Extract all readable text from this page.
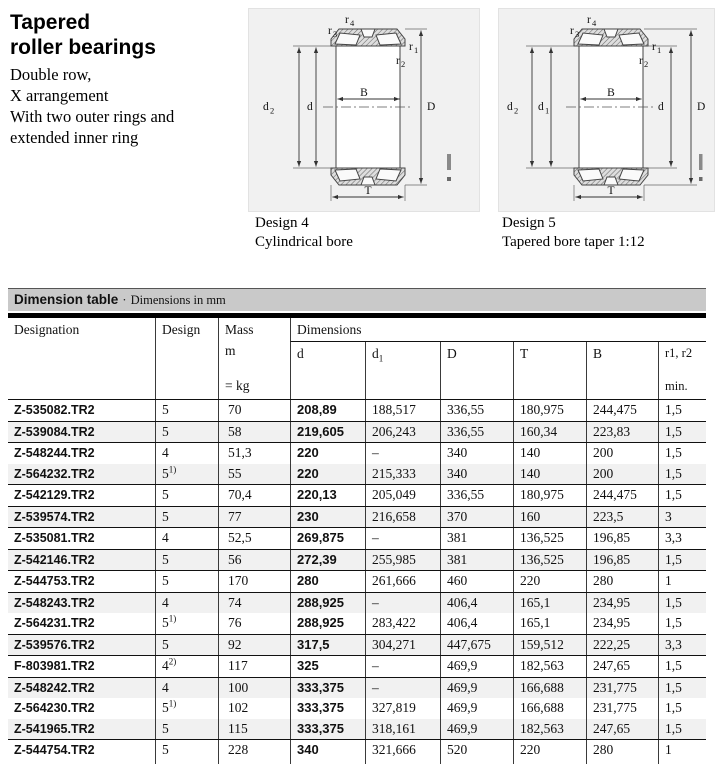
Tapered
roller bearings
Double row,
X arrangement
With two outer rings and
extended inner ring
d 2	d	D
B
T
r 4
r 3
r 1
r 2
Design 4
Cylindrical bore
d 2 d 1	d	D
B
T
r 4
r 3
r 1
r 2
Design 5
Tapered bore taper 1:12
Dimension table · Dimensions in mm
Designation	Design	Mass
m
= kg
Dimensions
d	$d_1$	D	T	B	r1, r2
min.
Z-535082.TR2	5	70	208,89	188,517	336,55	180,975	244,475	1,5
Z-539084.TR2	5	58	219,605	206,243	336,55	160,34	223,83	1,5
Z-548244.TR2	4	51,3	220	–	340	140	200	1,5
Z-564232.TR2	5$^{1)}$	55	220	215,333	340	140	200	1,5
Z-542129.TR2	5	70,4	220,13	205,049	336,55	180,975	244,475	1,5
Z-539574.TR2	5	77	230	216,658	370	160	223,5	3
Z-535081.TR2	4	52,5	269,875	–	381	136,525	196,85	3,3
Z-542146.TR2	5	56	272,39	255,985	381	136,525	196,85	1,5
Z-544753.TR2	5	170	280	261,666	460	220	280	1
Z-548243.TR2	4	74	288,925	–	406,4	165,1	234,95	1,5
Z-564231.TR2	5$^{1)}$	76	288,925	283,422	406,4	165,1	234,95	1,5
Z-539576.TR2	5	92	317,5	304,271	447,675	159,512	222,25	3,3
F-803981.TR2	4$^{2)}$	117	325	–	469,9	182,563	247,65	1,5
Z-548242.TR2	4	100	333,375	–	469,9	166,688	231,775	1,5
Z-564230.TR2	5$^{1)}$	102	333,375	327,819	469,9	166,688	231,775	1,5
Z-541965.TR2	5	115	333,375	318,161	469,9	182,563	247,65	1,5
Z-544754.TR2	5	228	340	321,666	520	220	280	1
